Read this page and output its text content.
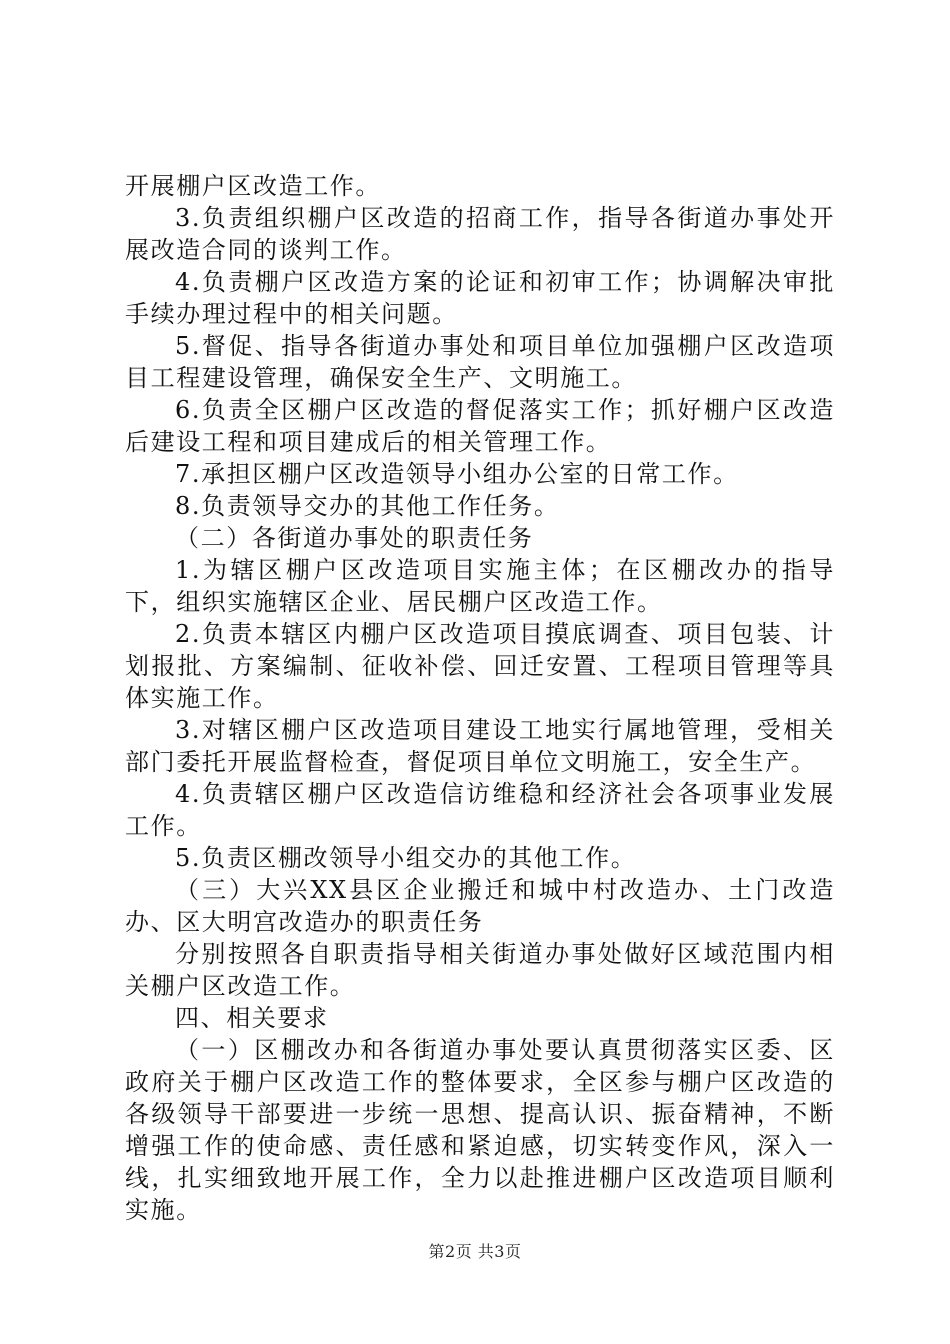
开展棚户区改造工作。

3.负责组织棚户区改造的招商工作，指导各街道办事处开展改造合同的谈判工作。

4.负责棚户区改造方案的论证和初审工作；协调解决审批手续办理过程中的相关问题。

5.督促、指导各街道办事处和项目单位加强棚户区改造项目工程建设管理，确保安全生产、文明施工。

6.负责全区棚户区改造的督促落实工作；抓好棚户区改造后建设工程和项目建成后的相关管理工作。

7.承担区棚户区改造领导小组办公室的日常工作。

8.负责领导交办的其他工作任务。

（二）各街道办事处的职责任务

1.为辖区棚户区改造项目实施主体；在区棚改办的指导下，组织实施辖区企业、居民棚户区改造工作。

2.负责本辖区内棚户区改造项目摸底调查、项目包装、计划报批、方案编制、征收补偿、回迁安置、工程项目管理等具体实施工作。

3.对辖区棚户区改造项目建设工地实行属地管理，受相关部门委托开展监督检查，督促项目单位文明施工，安全生产。

4.负责辖区棚户区改造信访维稳和经济社会各项事业发展工作。

5.负责区棚改领导小组交办的其他工作。

（三）大兴XX县区企业搬迁和城中村改造办、土门改造办、区大明宫改造办的职责任务

分别按照各自职责指导相关街道办事处做好区域范围内相关棚户区改造工作。

四、相关要求

（一）区棚改办和各街道办事处要认真贯彻落实区委、区政府关于棚户区改造工作的整体要求，全区参与棚户区改造的各级领导干部要进一步统一思想、提高认识、振奋精神，不断增强工作的使命感、责任感和紧迫感，切实转变作风，深入一线，扎实细致地开展工作，全力以赴推进棚户区改造项目顺利实施。

第2页 共3页
